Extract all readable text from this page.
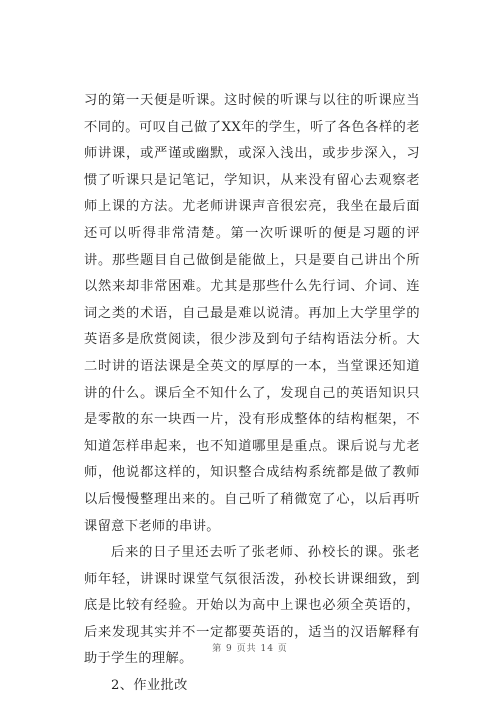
习的第一天便是听课。这时候的听课与以往的听课应当不同的。可叹自己做了XX年的学生，听了各色各样的老师讲课，或严谨或幽默，或深入浅出，或步步深入，习惯了听课只是记笔记，学知识，从来没有留心去观察老师上课的方法。尤老师讲课声音很宏亮，我坐在最后面还可以听得非常清楚。第一次听课听的便是习题的评讲。那些题目自己做倒是能做上，只是要自己讲出个所以然来却非常困难。尤其是那些什么先行词、介词、连词之类的术语，自己最是难以说清。再加上大学里学的英语多是欣赏阅读，很少涉及到句子结构语法分析。大二时讲的语法课是全英文的厚厚的一本，当堂课还知道讲的什么。课后全不知什么了，发现自己的英语知识只是零散的东一块西一片，没有形成整体的结构框架，不知道怎样串起来，也不知道哪里是重点。课后说与尤老师，他说都这样的，知识整合成结构系统都是做了教师以后慢慢整理出来的。自己听了稍微宽了心，以后再听课留意下老师的串讲。

后来的日子里还去听了张老师、孙校长的课。张老师年轻，讲课时课堂气氛很活泼，孙校长讲课细致，到底是比较有经验。开始以为高中上课也必须全英语的，后来发现其实并不一定都要英语的，适当的汉语解释有助于学生的理解。

2、作业批改

第 9 页共 14 页
